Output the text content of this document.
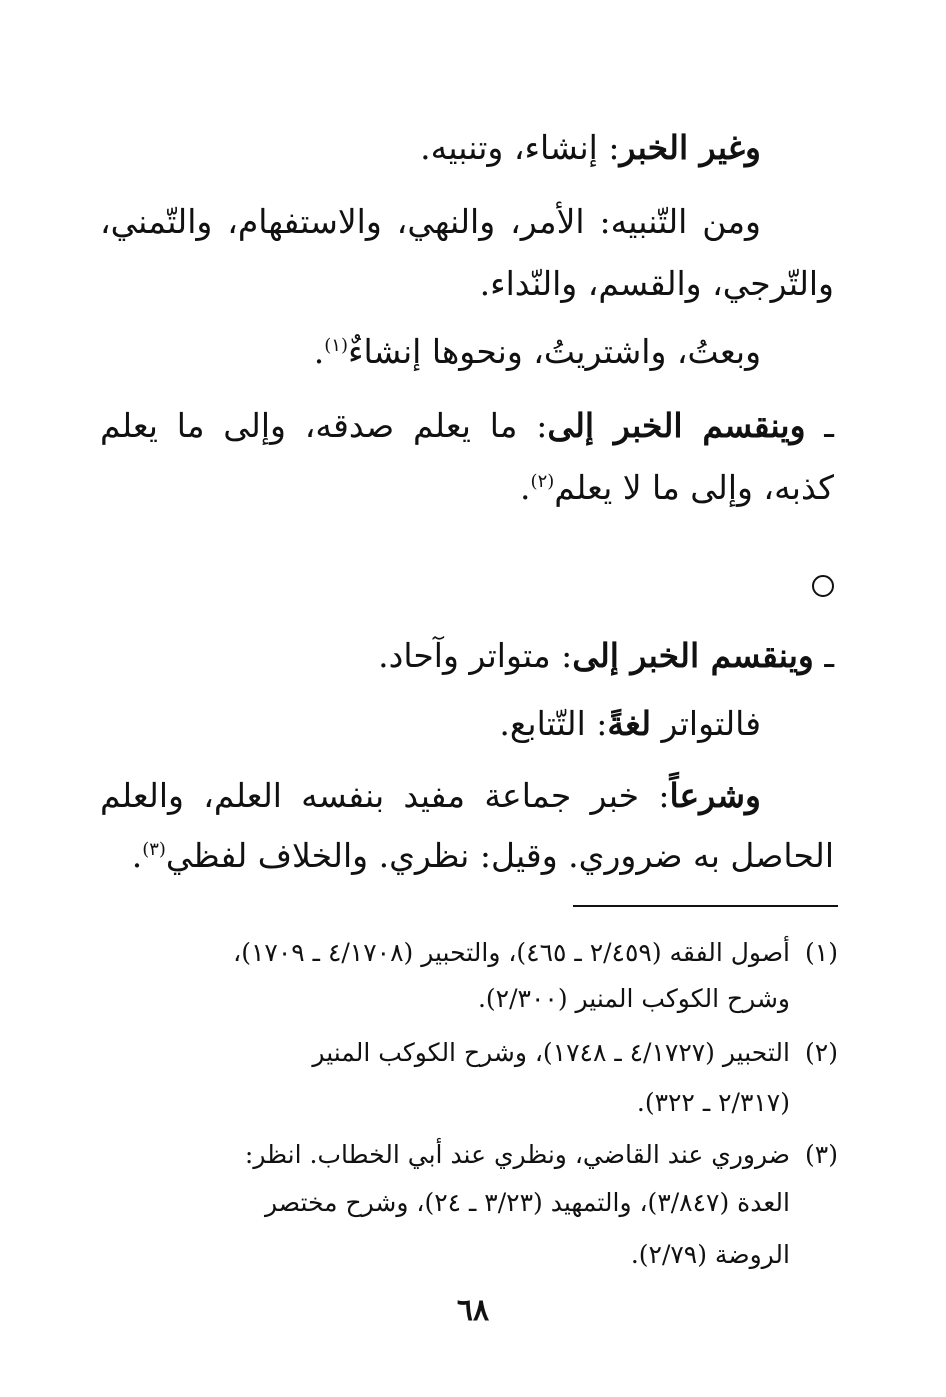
وغير الخبر: إنشاء، وتنبيه.
ومن التّنبيه: الأمر، والنهي، والاستفهام، والتّمني،
والتّرجي، والقسم، والنّداء.
وبعتُ، واشتريتُ، ونحوها إنشاءٌ$^{(١)}$.
ـ وينقسم الخبر إلى: ما يعلم صدقه، وإلى ما يعلم
كذبه، وإلى ما لا يعلم$^{(٢)}$.
ـ وينقسم الخبر إلى: متواتر وآحاد.
فالتواتر لغةً: التّتابع.
وشرعاً: خبر جماعة مفيد بنفسه العلم، والعلم
الحاصل به ضروري. وقيل: نظري. والخلاف لفظي$^{(٣)}$.
(١)أصول الفقه (٢/٤٥٩ ـ ٤٦٥)، والتحبير (٤/١٧٠٨ ـ ١٧٠٩)،
وشرح الكوكب المنير (٢/٣٠٠).
(٢)التحبير (٤/١٧٢٧ ـ ١٧٤٨)، وشرح الكوكب المنير
(٢/٣١٧ ـ ٣٢٢).
(٣)ضروري عند القاضي، ونظري عند أبي الخطاب. انظر:
العدة (٣/٨٤٧)، والتمهيد (٣/٢٣ ـ ٢٤)، وشرح مختصر
الروضة (٢/٧٩).
٦٨
